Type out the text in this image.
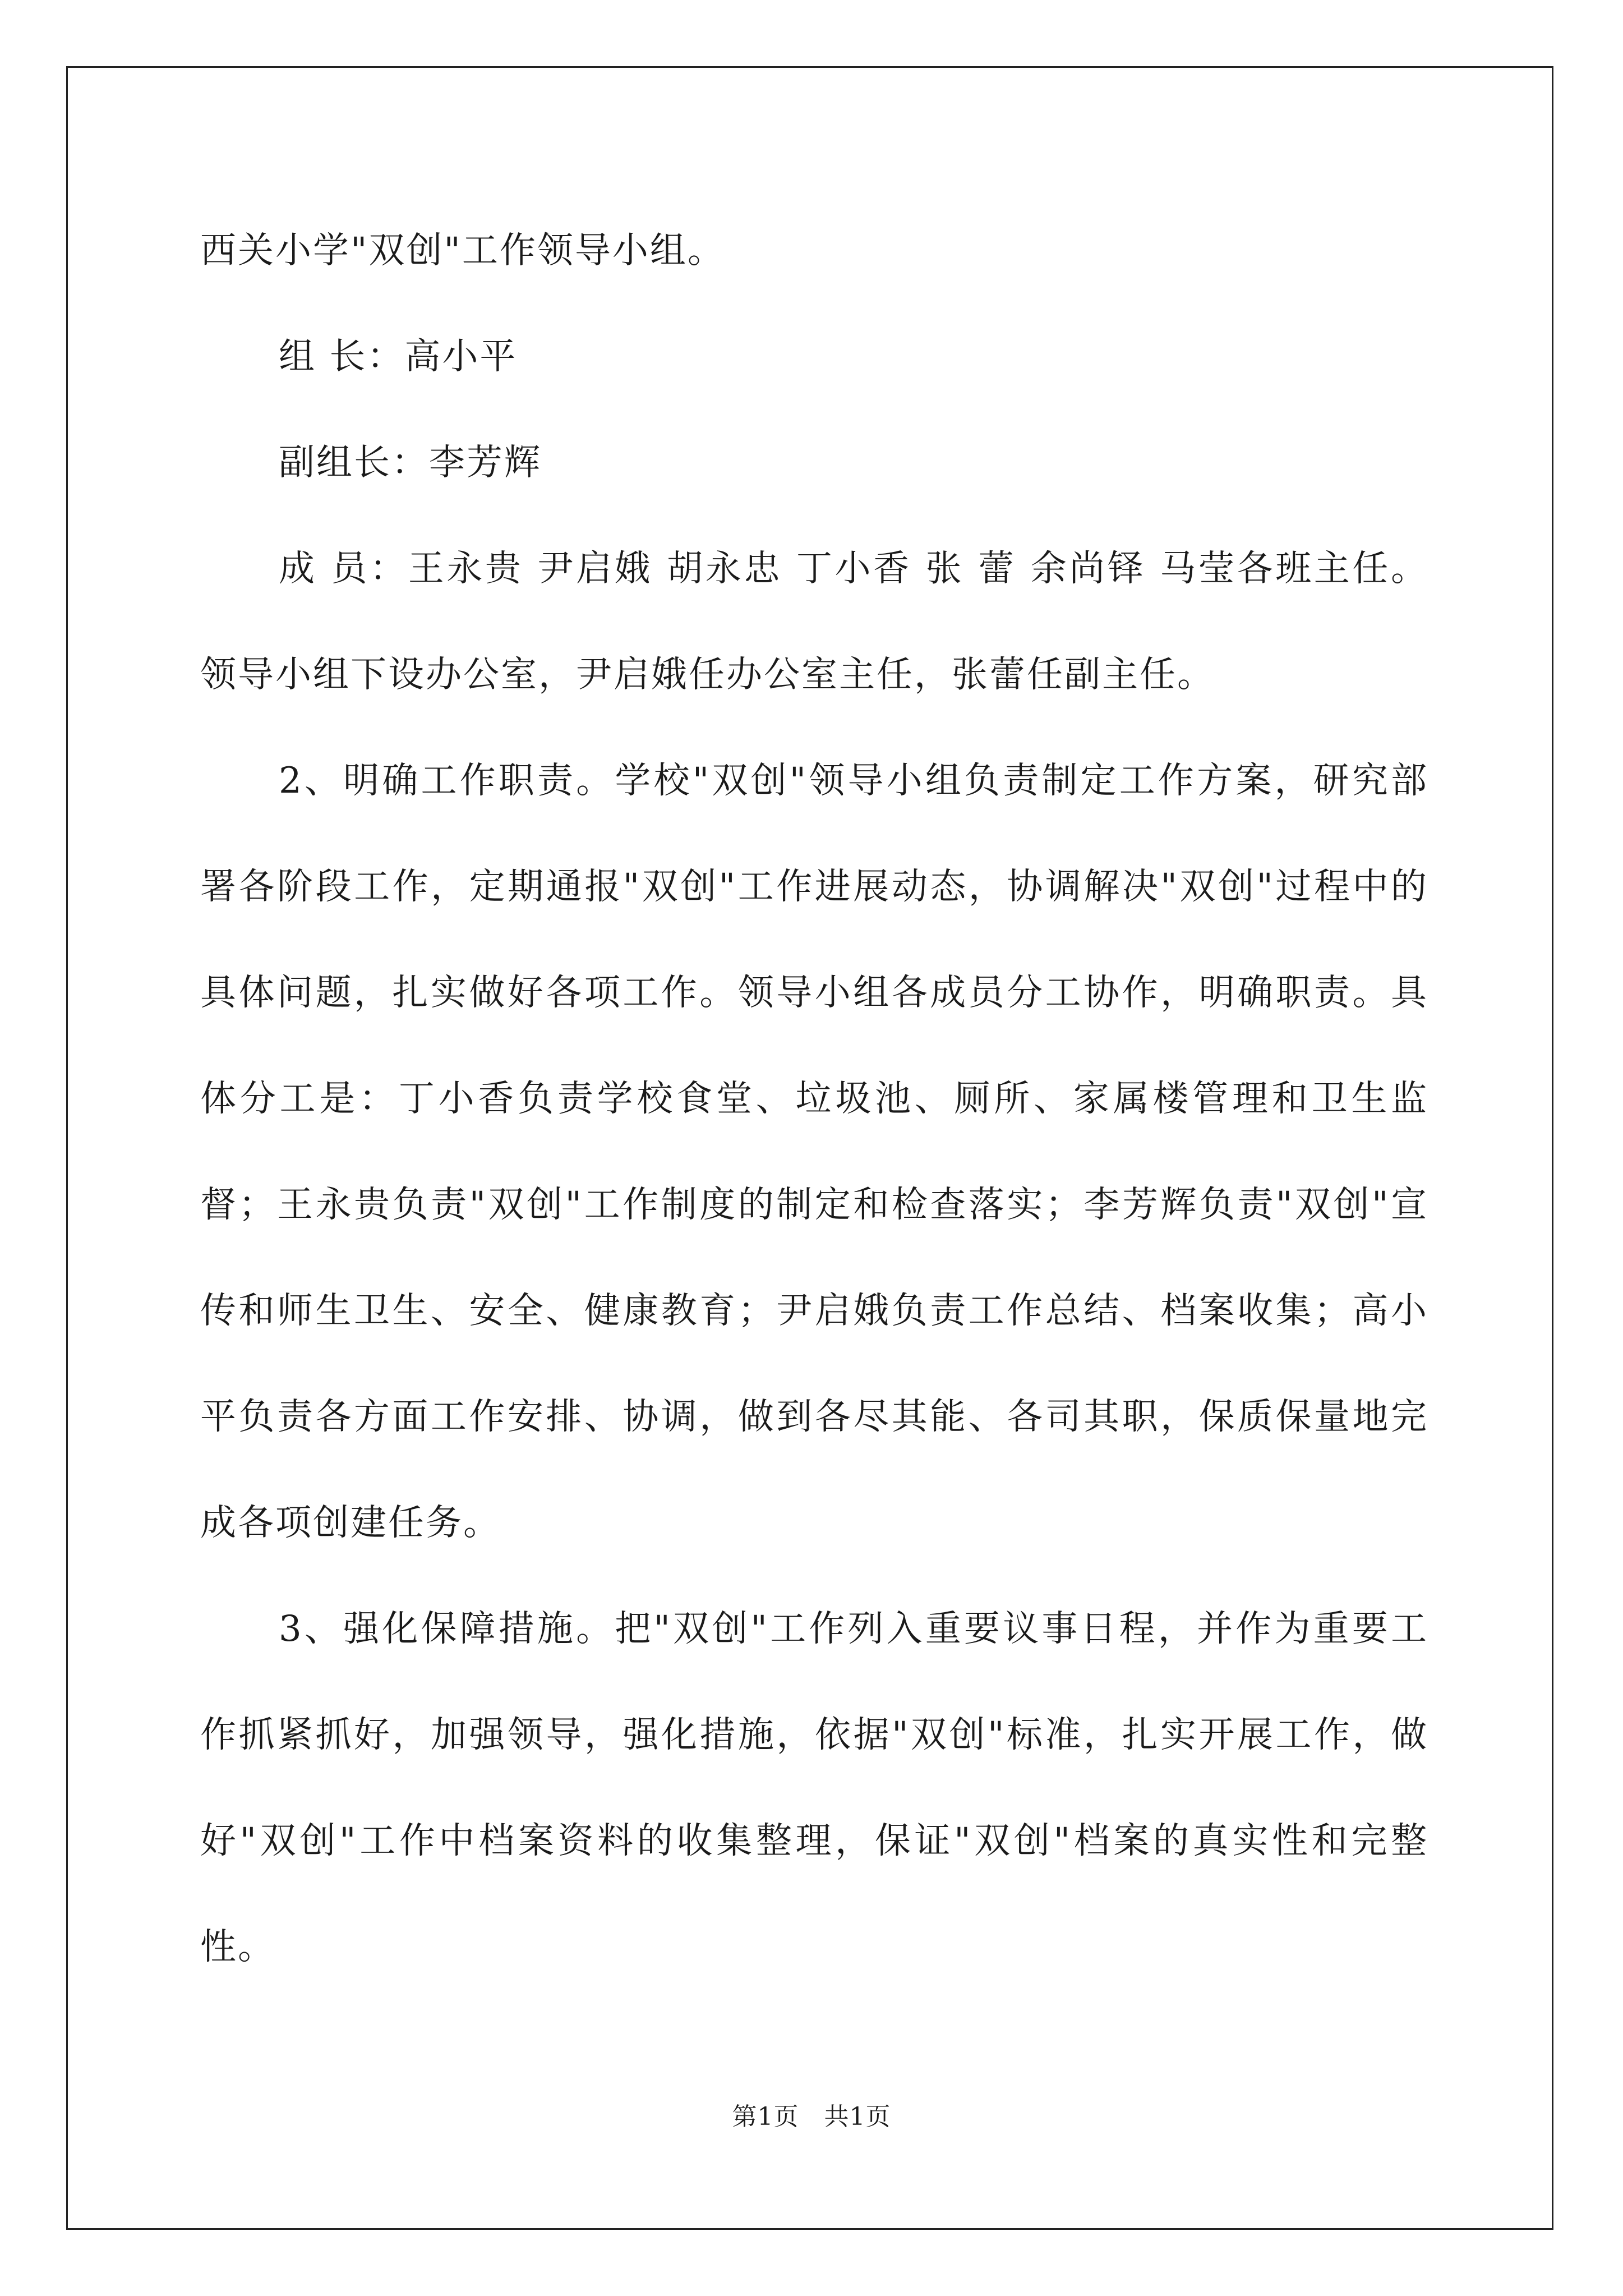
西关小学"双创"工作领导小组。

组 长：高小平

副组长：李芳辉

成 员：王永贵 尹启娥 胡永忠 丁小香 张 蕾 余尚铎 马莹各班主任。领导小组下设办公室，尹启娥任办公室主任，张蕾任副主任。

2、明确工作职责。学校"双创"领导小组负责制定工作方案，研究部署各阶段工作，定期通报"双创"工作进展动态，协调解决"双创"过程中的具体问题，扎实做好各项工作。领导小组各成员分工协作，明确职责。具体分工是：丁小香负责学校食堂、垃圾池、厕所、家属楼管理和卫生监督；王永贵负责"双创"工作制度的制定和检查落实；李芳辉负责"双创"宣传和师生卫生、安全、健康教育；尹启娥负责工作总结、档案收集；高小平负责各方面工作安排、协调，做到各尽其能、各司其职，保质保量地完成各项创建任务。

3、强化保障措施。把"双创"工作列入重要议事日程，并作为重要工作抓紧抓好，加强领导，强化措施，依据"双创"标准，扎实开展工作，做好"双创"工作中档案资料的收集整理，保证"双创"档案的真实性和完整性。

第1页   共1页
